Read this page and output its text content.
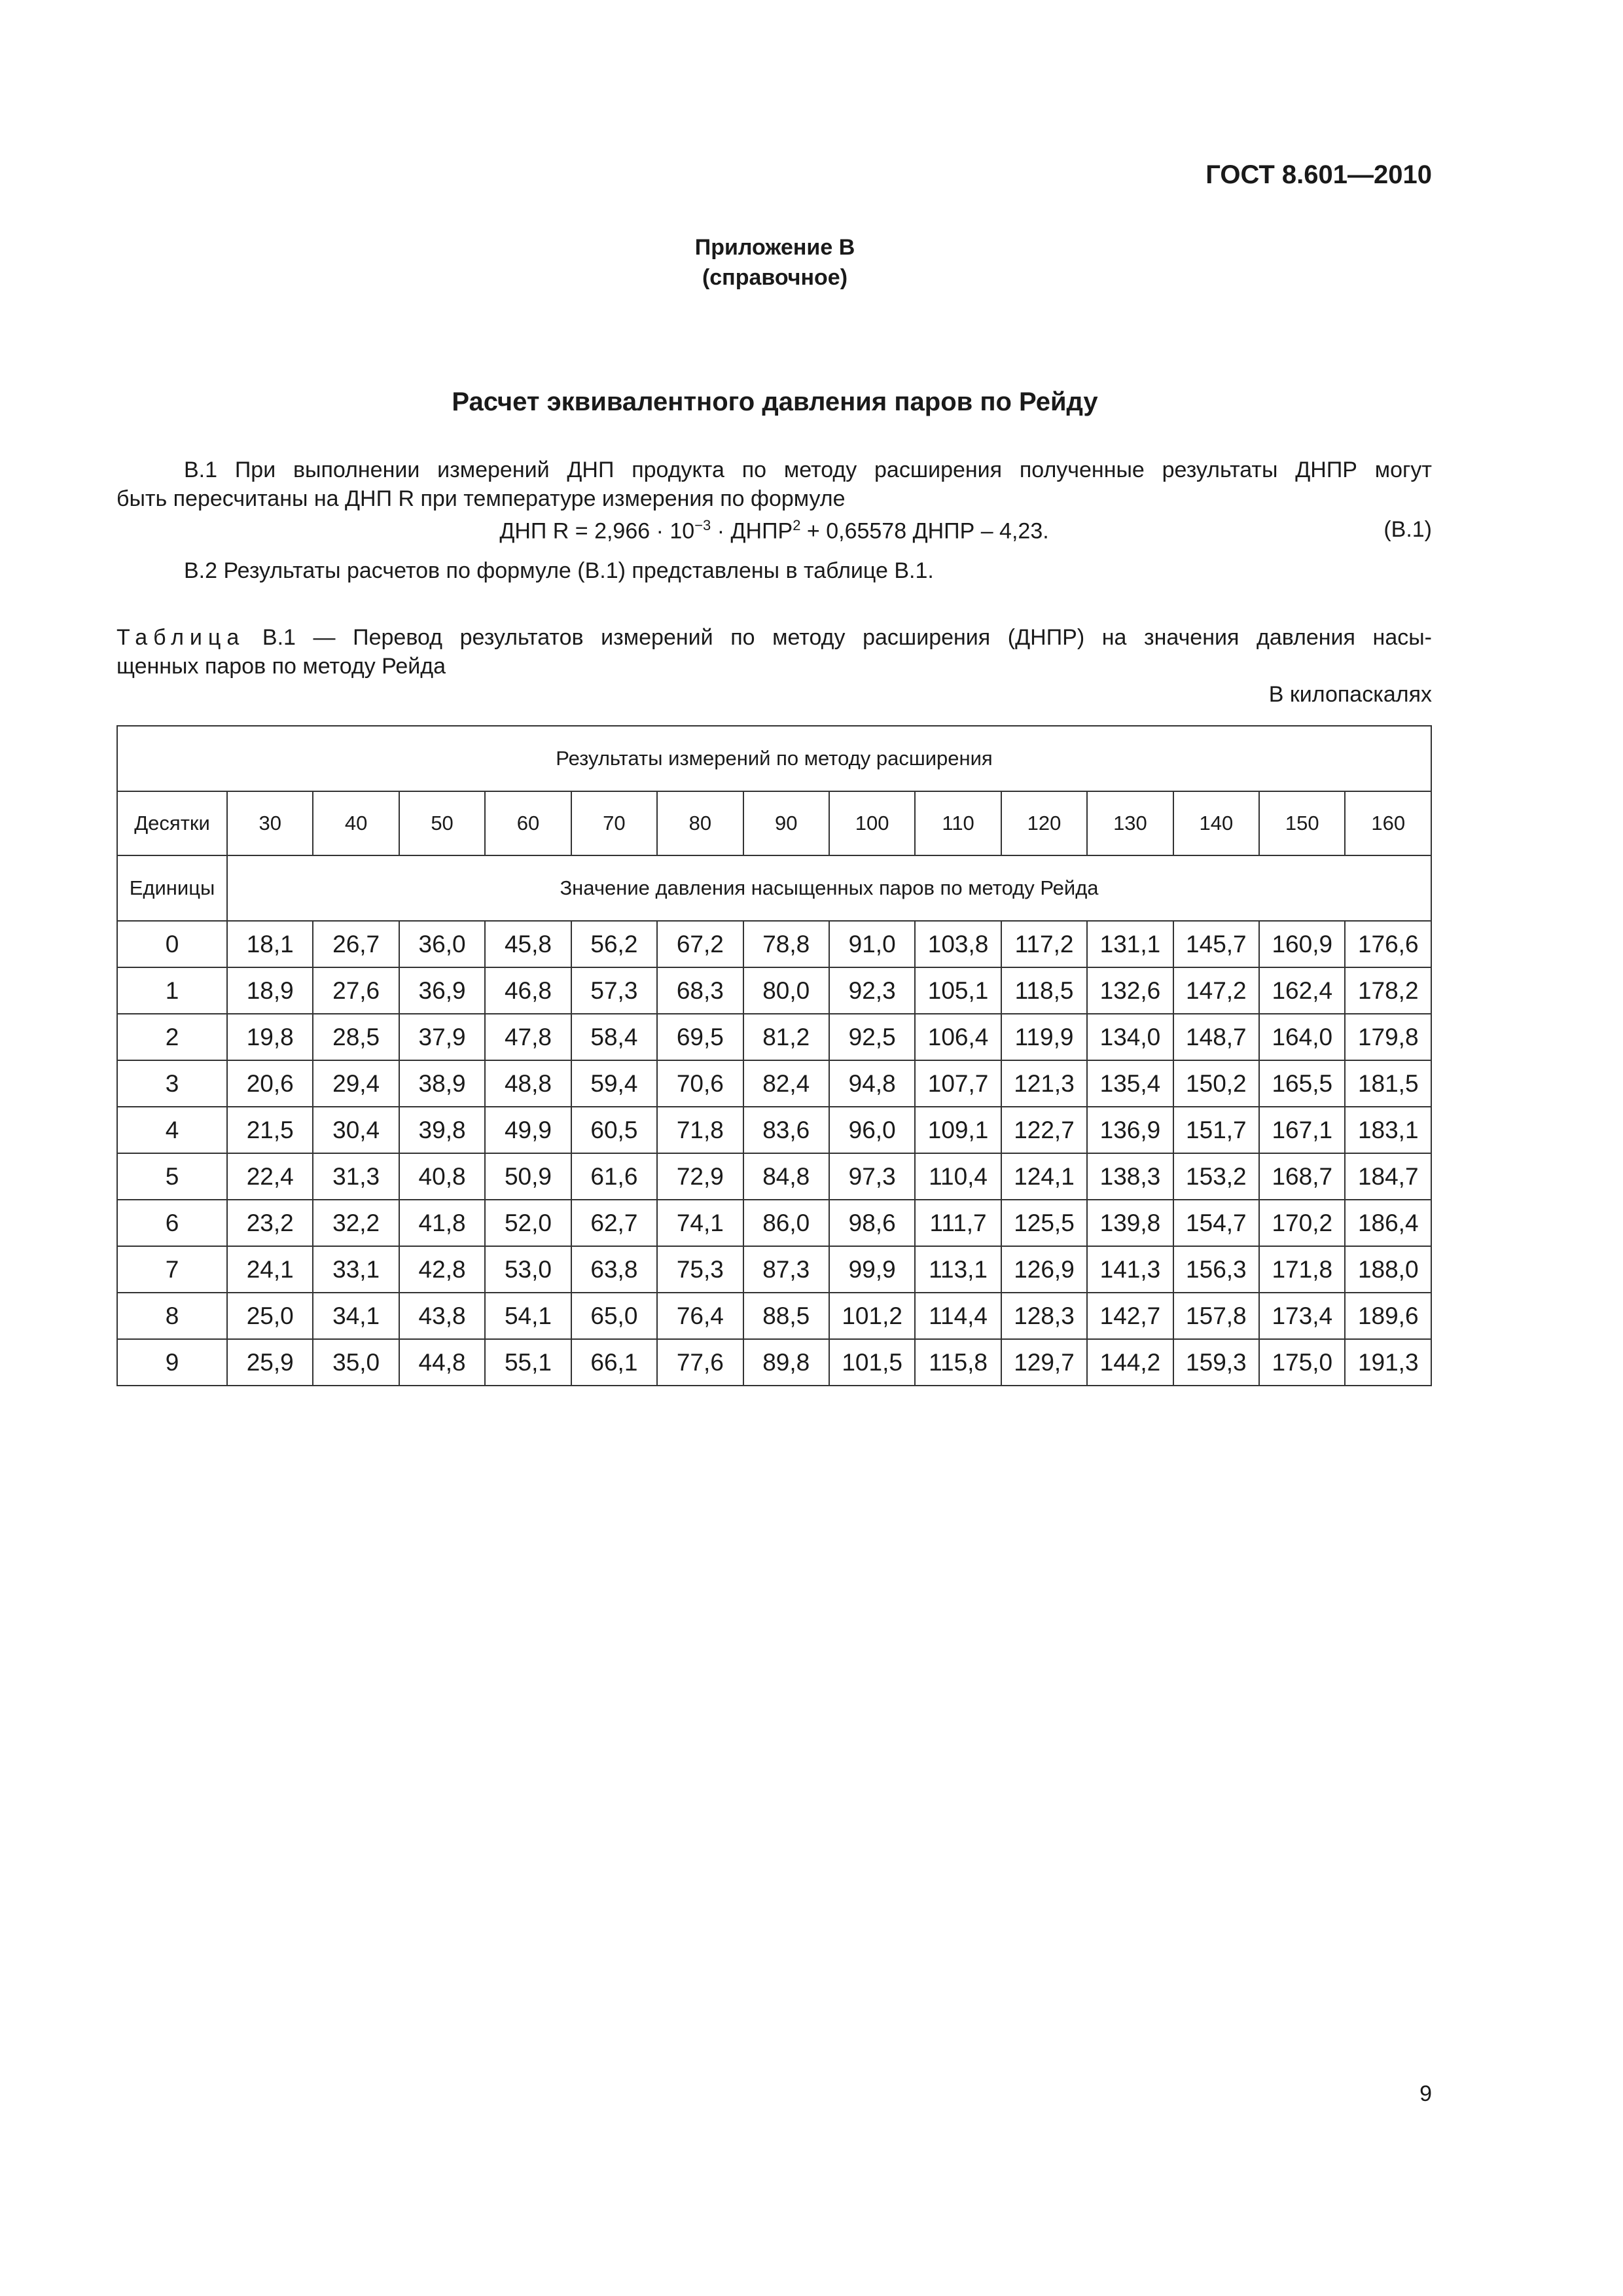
ГОСТ 8.601—2010
Приложение В
(справочное)
Расчет эквивалентного давления паров по Рейду
В.1 При выполнении измерений ДНП продукта по методу расширения полученные результаты ДНПР могут
быть пересчитаны на ДНП R при температуре измерения по формуле
ДНП $R = 2,966 \cdot 10^{-3}$ · $ДНПР^2 + 0,65578$ ДНПР – 4,23.	(В.1)
В.2 Результаты расчетов по формуле (В.1) представлены в таблице В.1.
Таблица В.1 — Перевод результатов измерений по методу расширения (ДНПР) на значения давления насы-
щенных паров по методу Рейда
В килопаскалях
Результаты измерений по методу расширения														
Десятки	30	40	50	60	70	80	90	100	110	120	130	140	150	160
Единицы	Значение давления насыщенных паров по методу Рейда													
0	18,1	26,7	36,0	45,8	56,2	67,2	78,8	91,0	103,8	117,2	131,1	145,7	160,9	176,6
1	18,9	27,6	36,9	46,8	57,3	68,3	80,0	92,3	105,1	118,5	132,6	147,2	162,4	178,2
2	19,8	28,5	37,9	47,8	58,4	69,5	81,2	92,5	106,4	119,9	134,0	148,7	164,0	179,8
3	20,6	29,4	38,9	48,8	59,4	70,6	82,4	94,8	107,7	121,3	135,4	150,2	165,5	181,5
4	21,5	30,4	39,8	49,9	60,5	71,8	83,6	96,0	109,1	122,7	136,9	151,7	167,1	183,1
5	22,4	31,3	40,8	50,9	61,6	72,9	84,8	97,3	110,4	124,1	138,3	153,2	168,7	184,7
6	23,2	32,2	41,8	52,0	62,7	74,1	86,0	98,6	111,7	125,5	139,8	154,7	170,2	186,4
7	24,1	33,1	42,8	53,0	63,8	75,3	87,3	99,9	113,1	126,9	141,3	156,3	171,8	188,0
8	25,0	34,1	43,8	54,1	65,0	76,4	88,5	101,2	114,4	128,3	142,7	157,8	173,4	189,6
9	25,9	35,0	44,8	55,1	66,1	77,6	89,8	101,5	115,8	129,7	144,2	159,3	175,0	191,3
9
